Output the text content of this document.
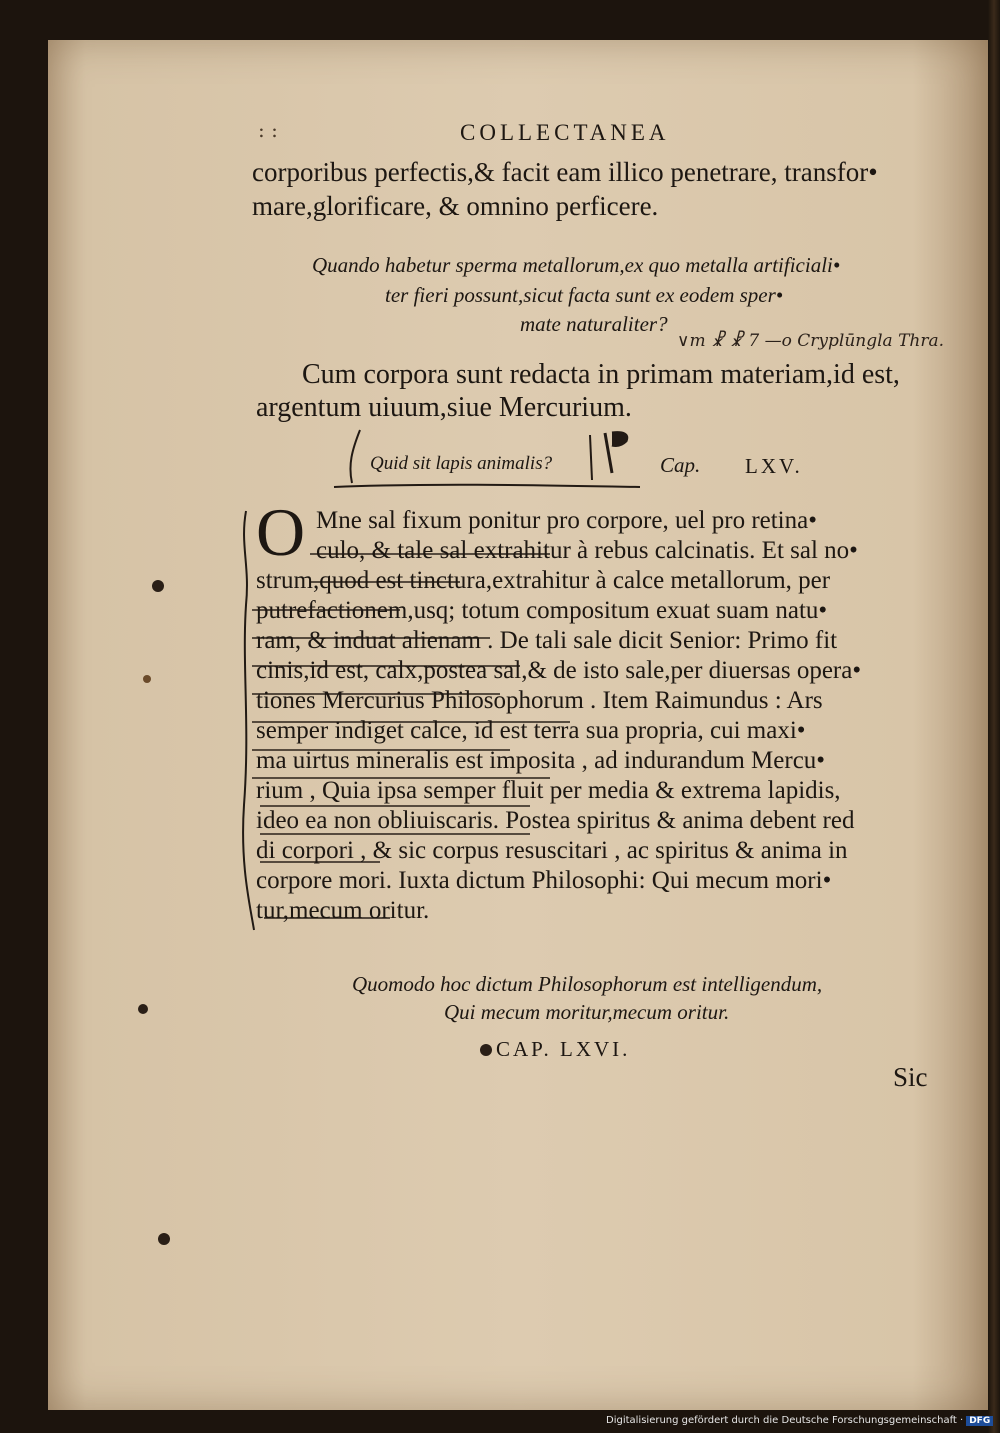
: :	COLLECTANEA
corporibus perfectis,& facit eam illico penetrare, transfor•
mare,glorificare, & omnino perficere.
Quando habetur sperma metallorum,ex quo metalla artificiali•
ter fieri possunt,sicut facta sunt ex eodem sper•
mate naturaliter?
∨m ☧ ☧ 7 —o Cryplūngla Thra.
Cum corpora sunt redacta in primam materiam,id est,
argentum uiuum,siue Mercurium.
Quid sit lapis animalis?	Cap. LXV.
O Mne sal fixum ponitur pro corpore, uel pro retina•
culo, & tale sal extrahitur à rebus calcinatis. Et sal no•
strum,quod est tinctura,extrahitur à calce metallorum, per
putrefactionem,usq; totum compositum exuat suam natu•
ram, & induat alienam . De tali sale dicit Senior: Primo fit
cinis,id est, calx,postea sal,& de isto sale,per diuersas opera•
tiones Mercurius Philosophorum . Item Raimundus : Ars
semper indiget calce, id est terra sua propria, cui maxi•
ma uirtus mineralis est imposita , ad indurandum Mercu•
rium , Quia ipsa semper fluit per media & extrema lapidis,
ideo ea non obliuiscaris. Postea spiritus & anima debent red
di corpori , & sic corpus resuscitari , ac spiritus & anima in
corpore mori. Iuxta dictum Philosophi: Qui mecum mori•
tur,mecum oritur.
Quomodo hoc dictum Philosophorum est intelligendum,
Qui mecum moritur,mecum oritur.
CAP. LXVI.
Sic
Digitalisierung gefördert durch die Deutsche Forschungsgemeinschaft · DFG
